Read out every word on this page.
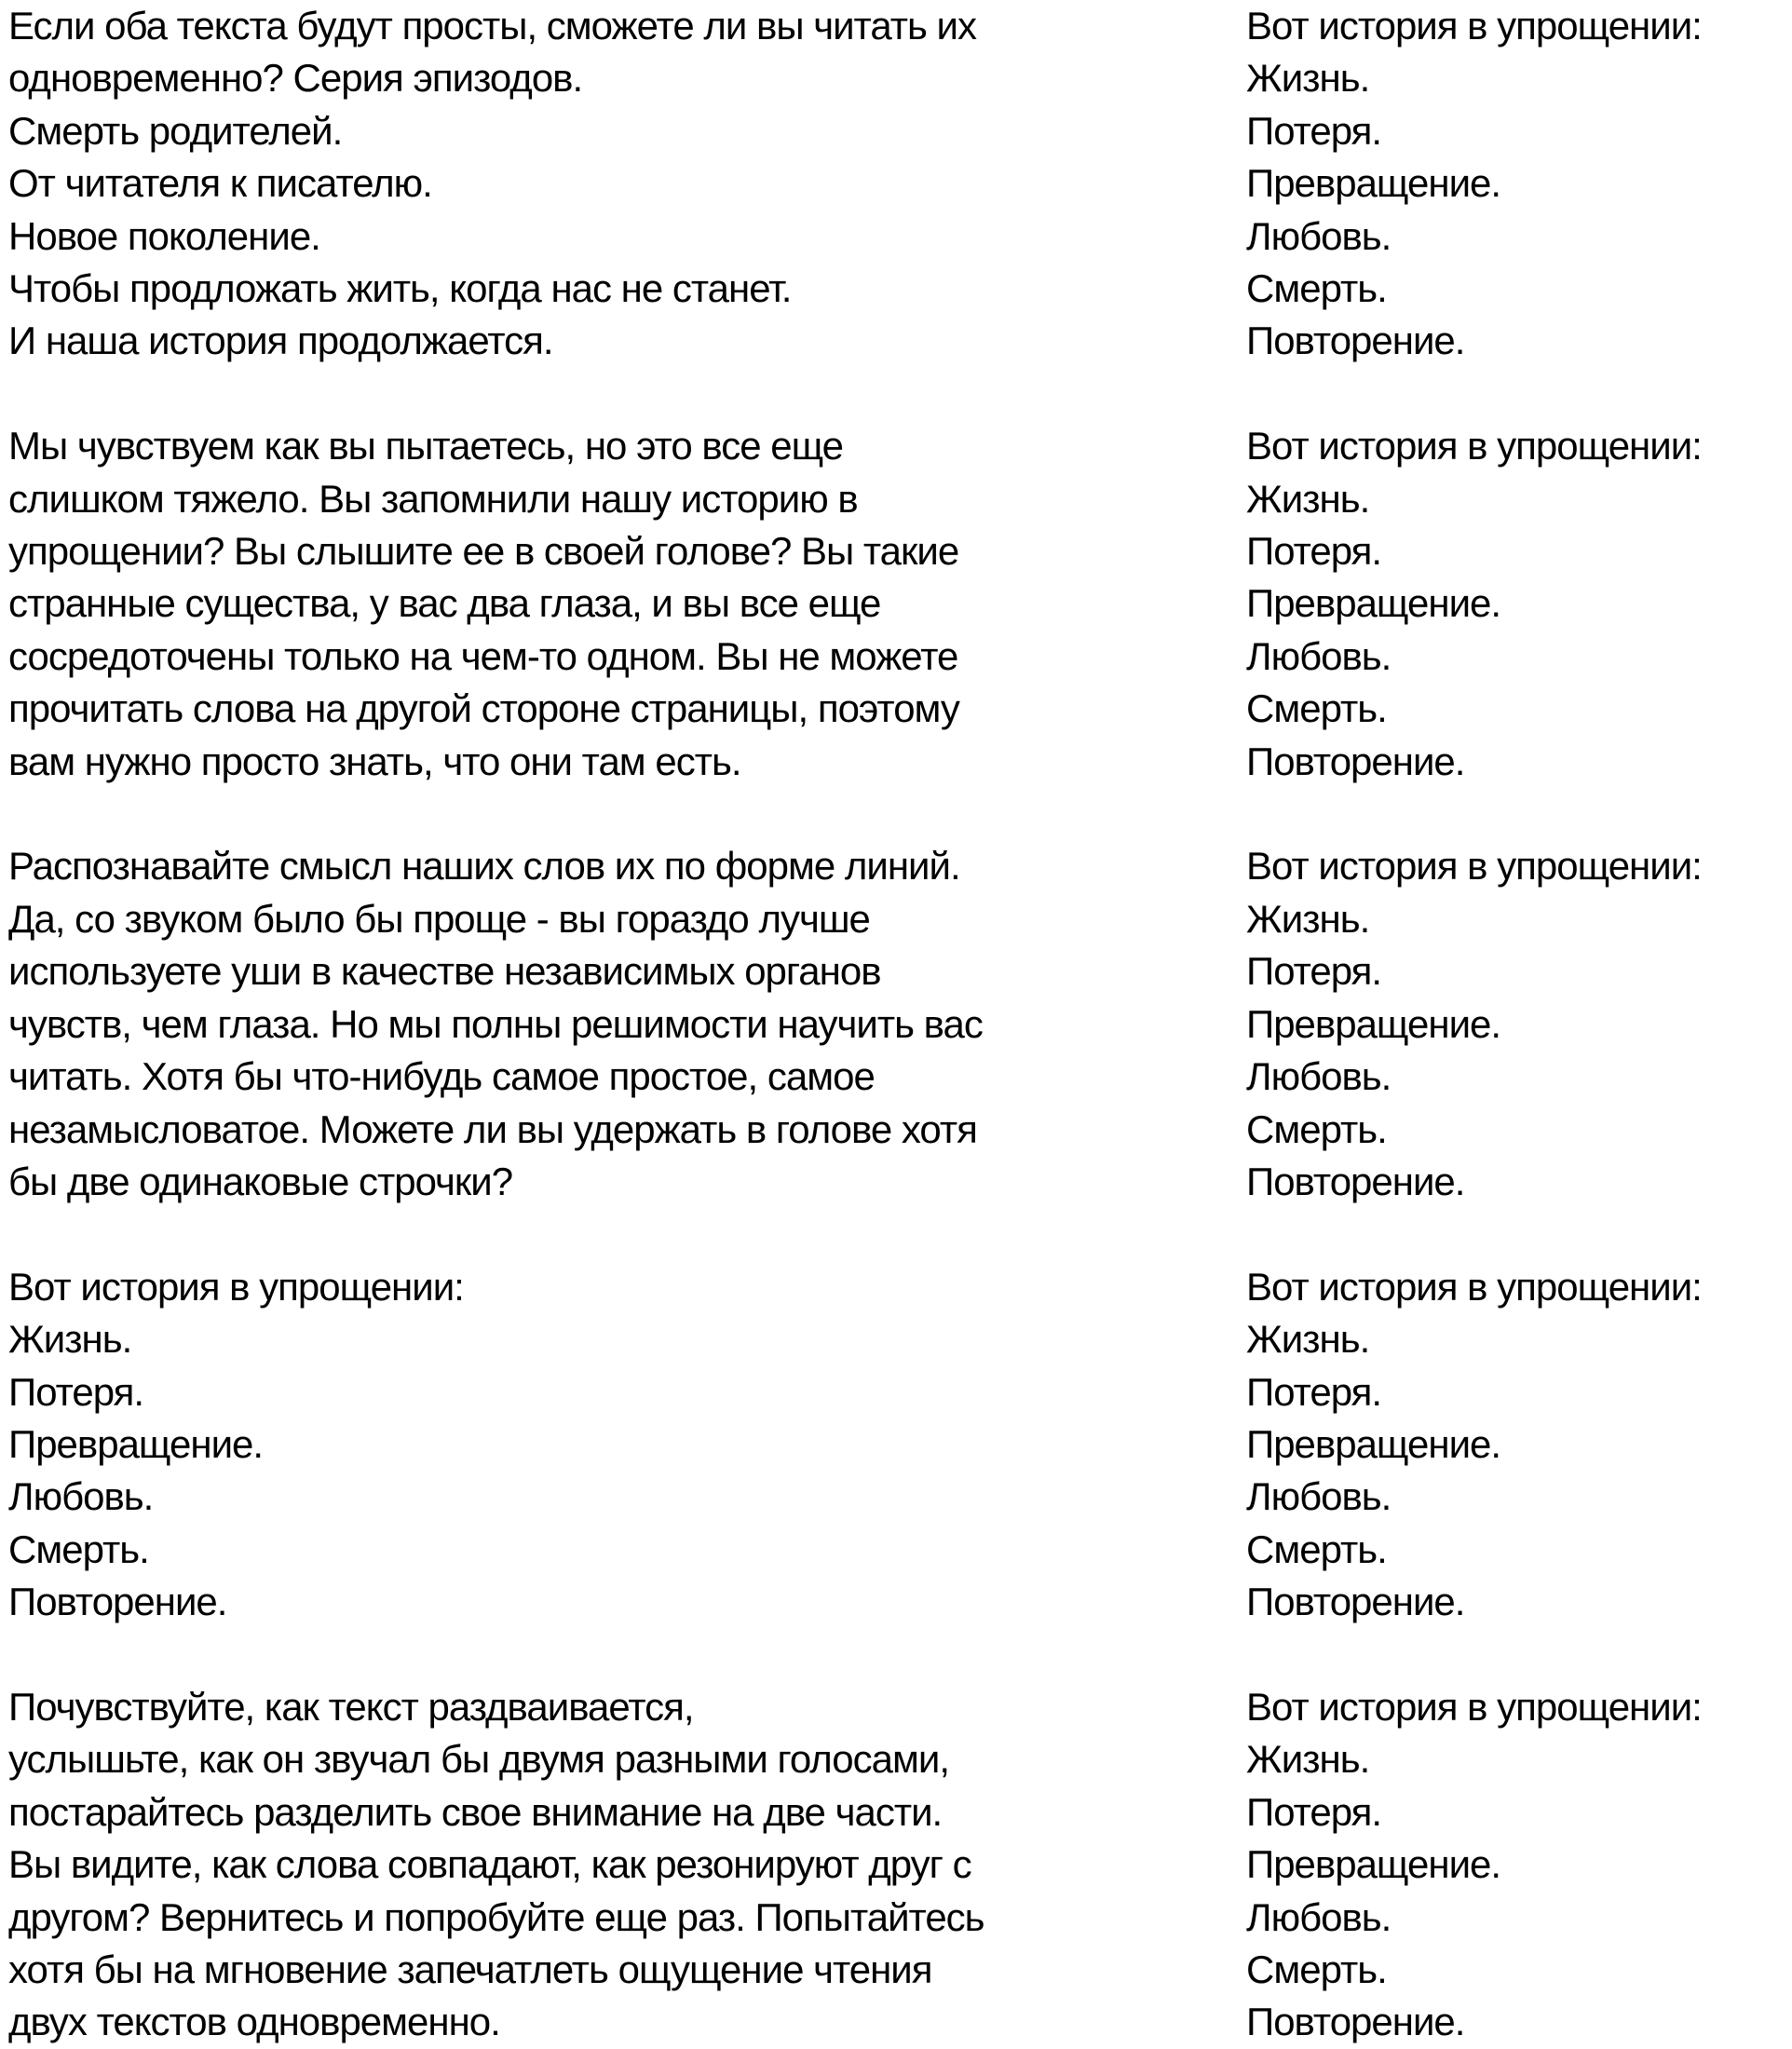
Если оба текста будут просты, сможете ли вы читать их
одновременно? Серия эпизодов.
Смерть родителей.
От читателя к писателю.
Новое поколение.
Чтобы продложать жить, когда нас не станет.
И наша история продолжается.
Мы чувствуем как вы пытаетесь, но это все еще
слишком тяжело. Вы запомнили нашу историю в
упрощении? Вы слышите ее в своей голове? Вы такие
странные существа, у вас два глаза, и вы все еще
сосредоточены только на чем-то одном. Вы не можете
прочитать слова на другой стороне страницы, поэтому
вам нужно просто знать, что они там есть.
Распознавайте смысл наших слов их по форме линий.
Да, со звуком было бы проще - вы гораздо лучше
используете уши в качестве независимых органов
чувств, чем глаза. Но мы полны решимости научить вас
читать. Хотя бы что-нибудь самое простое, самое
незамысловатое. Можете ли вы удержать в голове хотя
бы две одинаковые строчки?
Вот история в упрощении:
Жизнь.
Потеря.
Превращение.
Любовь.
Смерть.
Повторение.
Почувствуйте, как текст раздваивается,
услышьте, как он звучал бы двумя разными голосами,
постарайтесь разделить свое внимание на две части.
Вы видите, как слова совпадают, как резонируют друг с
другом? Вернитесь и попробуйте еще раз. Попытайтесь
хотя бы на мгновение запечатлеть ощущение чтения
двух текстов одновременно.
Вот история в упрощении:
Жизнь.
Потеря.
Превращение.
Любовь.
Смерть.
Повторение.
Вот история в упрощении:
Жизнь.
Потеря.
Превращение.
Любовь.
Смерть.
Повторение.
Вот история в упрощении:
Жизнь.
Потеря.
Превращение.
Любовь.
Смерть.
Повторение.
Вот история в упрощении:
Жизнь.
Потеря.
Превращение.
Любовь.
Смерть.
Повторение.
Вот история в упрощении:
Жизнь.
Потеря.
Превращение.
Любовь.
Смерть.
Повторение.
